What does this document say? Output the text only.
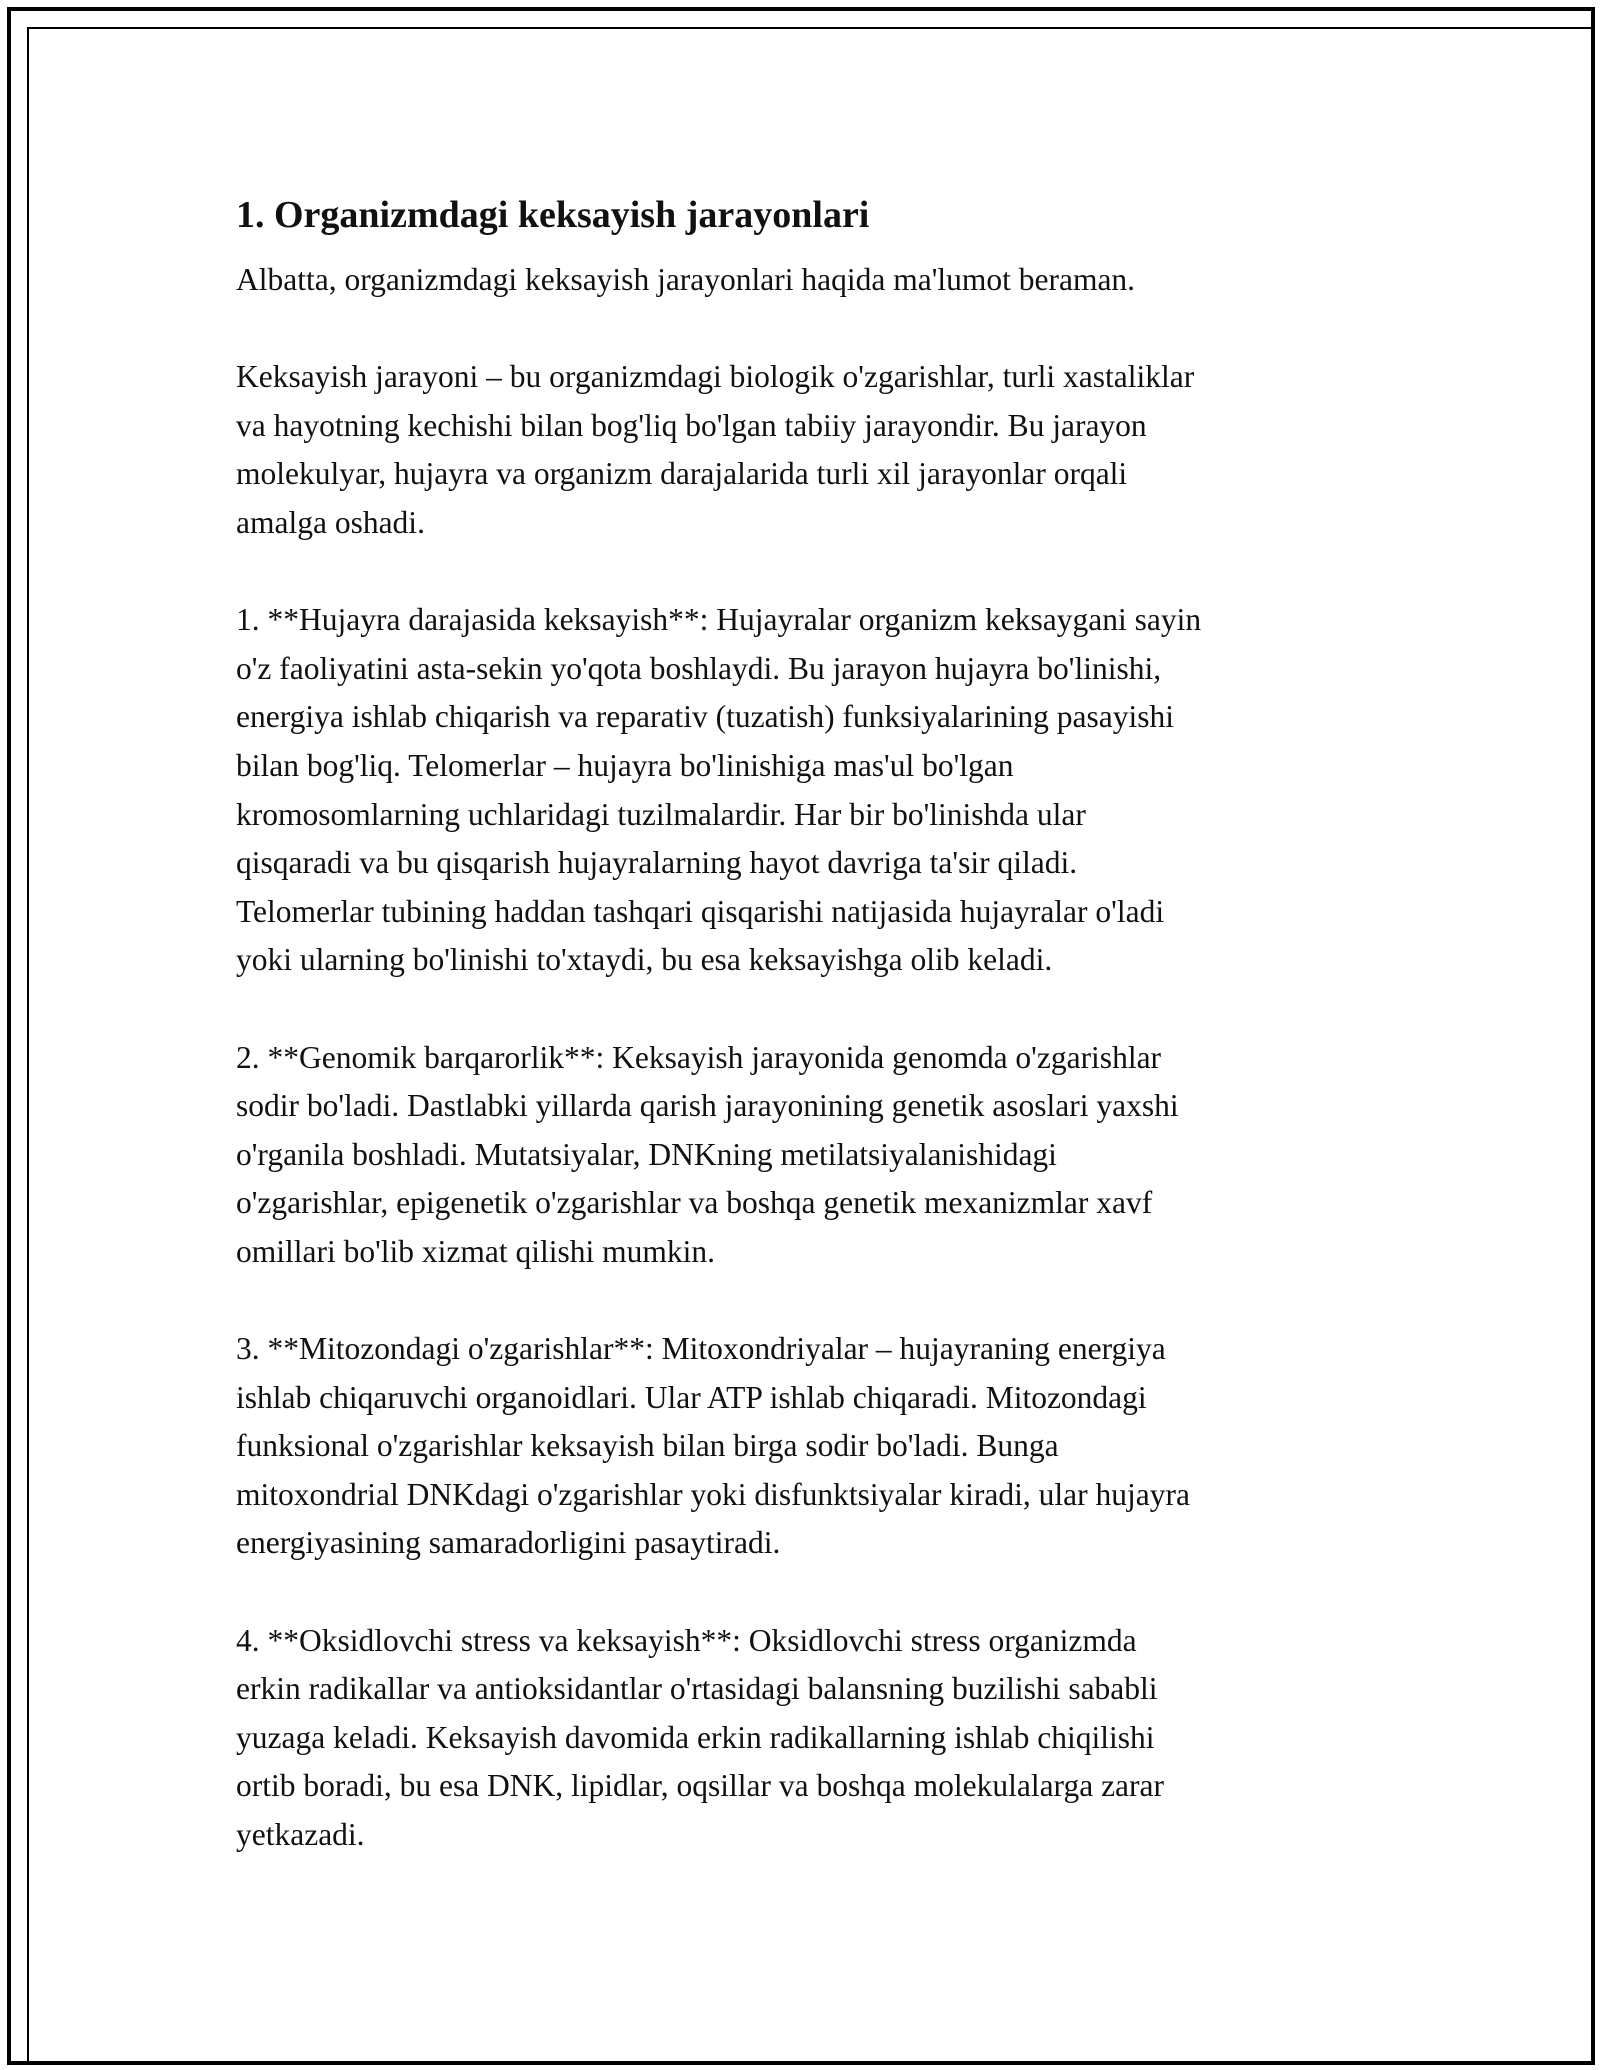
1. Organizmdagi keksayish jarayonlari

Albatta, organizmdagi keksayish jarayonlari haqida ma'lumot beraman.

Keksayish jarayoni – bu organizmdagi biologik o'zgarishlar, turli xastaliklar
va hayotning kechishi bilan bog'liq bo'lgan tabiiy jarayondir. Bu jarayon
molekulyar, hujayra va organizm darajalarida turli xil jarayonlar orqali
amalga oshadi.

1. **Hujayra darajasida keksayish**: Hujayralar organizm keksaygani sayin
o'z faoliyatini asta-sekin yo'qota boshlaydi. Bu jarayon hujayra bo'linishi,
energiya ishlab chiqarish va reparativ (tuzatish) funksiyalarining pasayishi
bilan bog'liq. Telomerlar – hujayra bo'linishiga mas'ul bo'lgan
kromosomlarning uchlaridagi tuzilmalardir. Har bir bo'linishda ular
qisqaradi va bu qisqarish hujayralarning hayot davriga ta'sir qiladi.
Telomerlar tubining haddan tashqari qisqarishi natijasida hujayralar o'ladi
yoki ularning bo'linishi to'xtaydi, bu esa keksayishga olib keladi.

2. **Genomik barqarorlik**: Keksayish jarayonida genomda o'zgarishlar
sodir bo'ladi. Dastlabki yillarda qarish jarayonining genetik asoslari yaxshi
o'rganila boshladi. Mutatsiyalar, DNKning metilatsiyalanishidagi
o'zgarishlar, epigenetik o'zgarishlar va boshqa genetik mexanizmlar xavf
omillari bo'lib xizmat qilishi mumkin.

3. **Mitozondagi o'zgarishlar**: Mitoxondriyalar – hujayraning energiya
ishlab chiqaruvchi organoidlari. Ular ATP ishlab chiqaradi. Mitozondagi
funksional o'zgarishlar keksayish bilan birga sodir bo'ladi. Bunga
mitoxondrial DNKdagi o'zgarishlar yoki disfunktsiyalar kiradi, ular hujayra
energiyasining samaradorligini pasaytiradi.

4. **Oksidlovchi stress va keksayish**: Oksidlovchi stress organizmda
erkin radikallar va antioksidantlar o'rtasidagi balansning buzilishi sababli
yuzaga keladi. Keksayish davomida erkin radikallarning ishlab chiqilishi
ortib boradi, bu esa DNK, lipidlar, oqsillar va boshqa molekulalarga zarar
yetkazadi.
